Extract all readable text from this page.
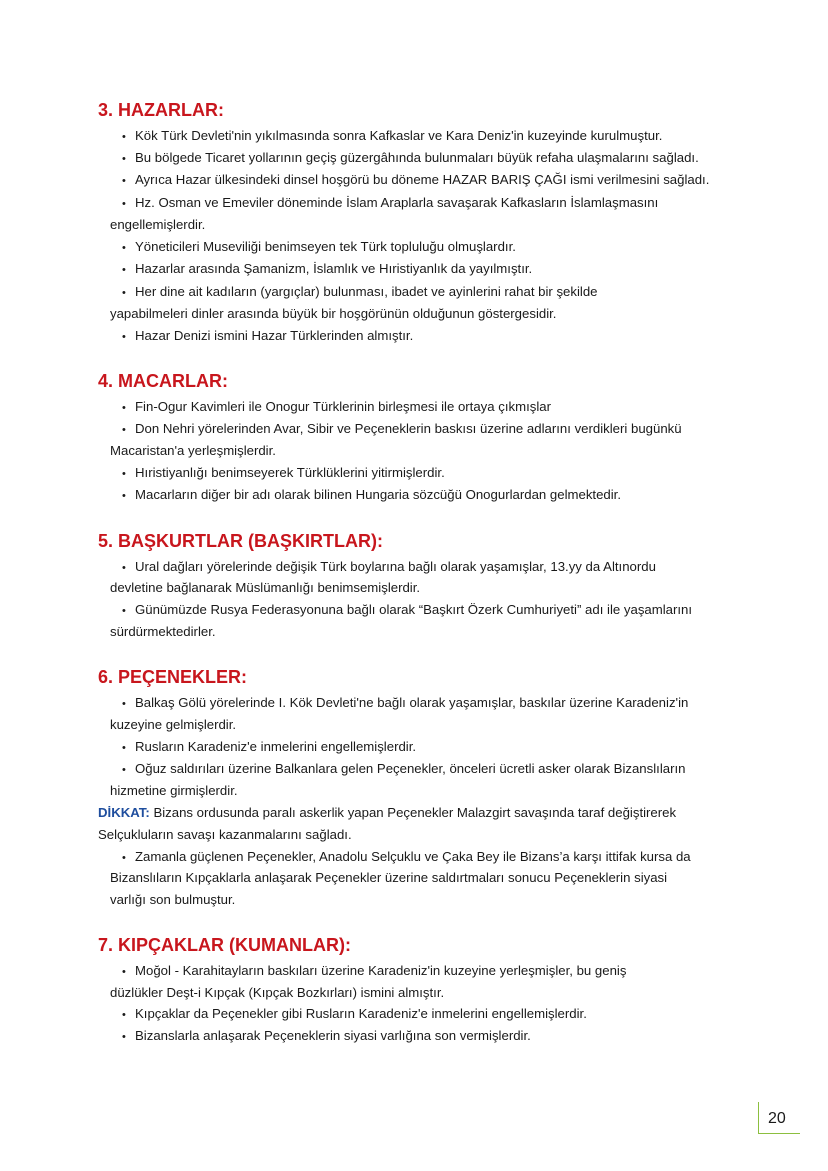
3. HAZARLAR:

• Kök Türk Devleti'nin yıkılmasında sonra Kafkaslar ve Kara Deniz'in kuzeyinde kurulmuştur.

• Bu bölgede Ticaret yollarının geçiş güzergâhında bulunmaları büyük refaha ulaşmalarını sağladı.

• Ayrıca Hazar ülkesindeki dinsel hoşgörü bu döneme HAZAR BARIŞ ÇAĞI ismi verilmesini sağladı.

• Hz. Osman ve Emeviler döneminde İslam Araplarla savaşarak Kafkasların İslamlaşmasını

engellemişlerdir.

• Yöneticileri Museviliği benimseyen tek Türk topluluğu olmuşlardır.

• Hazarlar arasında Şamanizm, İslamlık ve Hıristiyanlık da yayılmıştır.

• Her dine ait kadıların (yargıçlar) bulunması, ibadet ve ayinlerini rahat bir şekilde

yapabilmeleri dinler arasında büyük bir hoşgörünün olduğunun göstergesidir.

• Hazar Denizi ismini Hazar Türklerinden almıştır.

4. MACARLAR:

• Fin-Ogur Kavimleri ile Onogur Türklerinin birleşmesi ile ortaya çıkmışlar

• Don Nehri yörelerinden Avar, Sibir ve Peçeneklerin baskısı üzerine adlarını verdikleri bugünkü

Macaristan'a yerleşmişlerdir.

• Hıristiyanlığı benimseyerek Türklüklerini yitirmişlerdir.

• Macarların diğer bir adı olarak bilinen Hungaria sözcüğü Onogurlardan gelmektedir.

5. BAŞKURTLAR (BAŞKIRTLAR):

• Ural dağları yörelerinde değişik Türk boylarına bağlı olarak yaşamışlar, 13.yy da Altınordu

devletine bağlanarak Müslümanlığı benimsemişlerdir.

• Günümüzde Rusya Federasyonuna bağlı olarak “Başkırt Özerk Cumhuriyeti” adı ile yaşamlarını

sürdürmektedirler.

6. PEÇENEKLER:

• Balkaş Gölü yörelerinde I. Kök Devleti'ne bağlı olarak yaşamışlar, baskılar üzerine Karadeniz'in

kuzeyine gelmişlerdir.

• Rusların Karadeniz'e inmelerini engellemişlerdir.

• Oğuz saldırıları üzerine Balkanlara gelen Peçenekler, önceleri ücretli asker olarak Bizanslıların

hizmetine girmişlerdir.

DİKKAT: Bizans ordusunda paralı askerlik yapan Peçenekler Malazgirt savaşında taraf değiştirerek

Selçukluların savaşı kazanmalarını sağladı.

• Zamanla güçlenen Peçenekler, Anadolu Selçuklu ve Çaka Bey ile Bizans’a karşı ittifak kursa da

Bizanslıların Kıpçaklarla anlaşarak Peçenekler üzerine saldırtmaları sonucu Peçeneklerin siyasi

varlığı son bulmuştur.

7. KIPÇAKLAR (KUMANLAR):

• Moğol - Karahitayların baskıları üzerine Karadeniz'in kuzeyine yerleşmişler, bu geniş

düzlükler Deşt-i Kıpçak (Kıpçak Bozkırları) ismini almıştır.

• Kıpçaklar da Peçenekler gibi Rusların Karadeniz'e inmelerini engellemişlerdir.

• Bizanslarla anlaşarak Peçeneklerin siyasi varlığına son vermişlerdir.

20
